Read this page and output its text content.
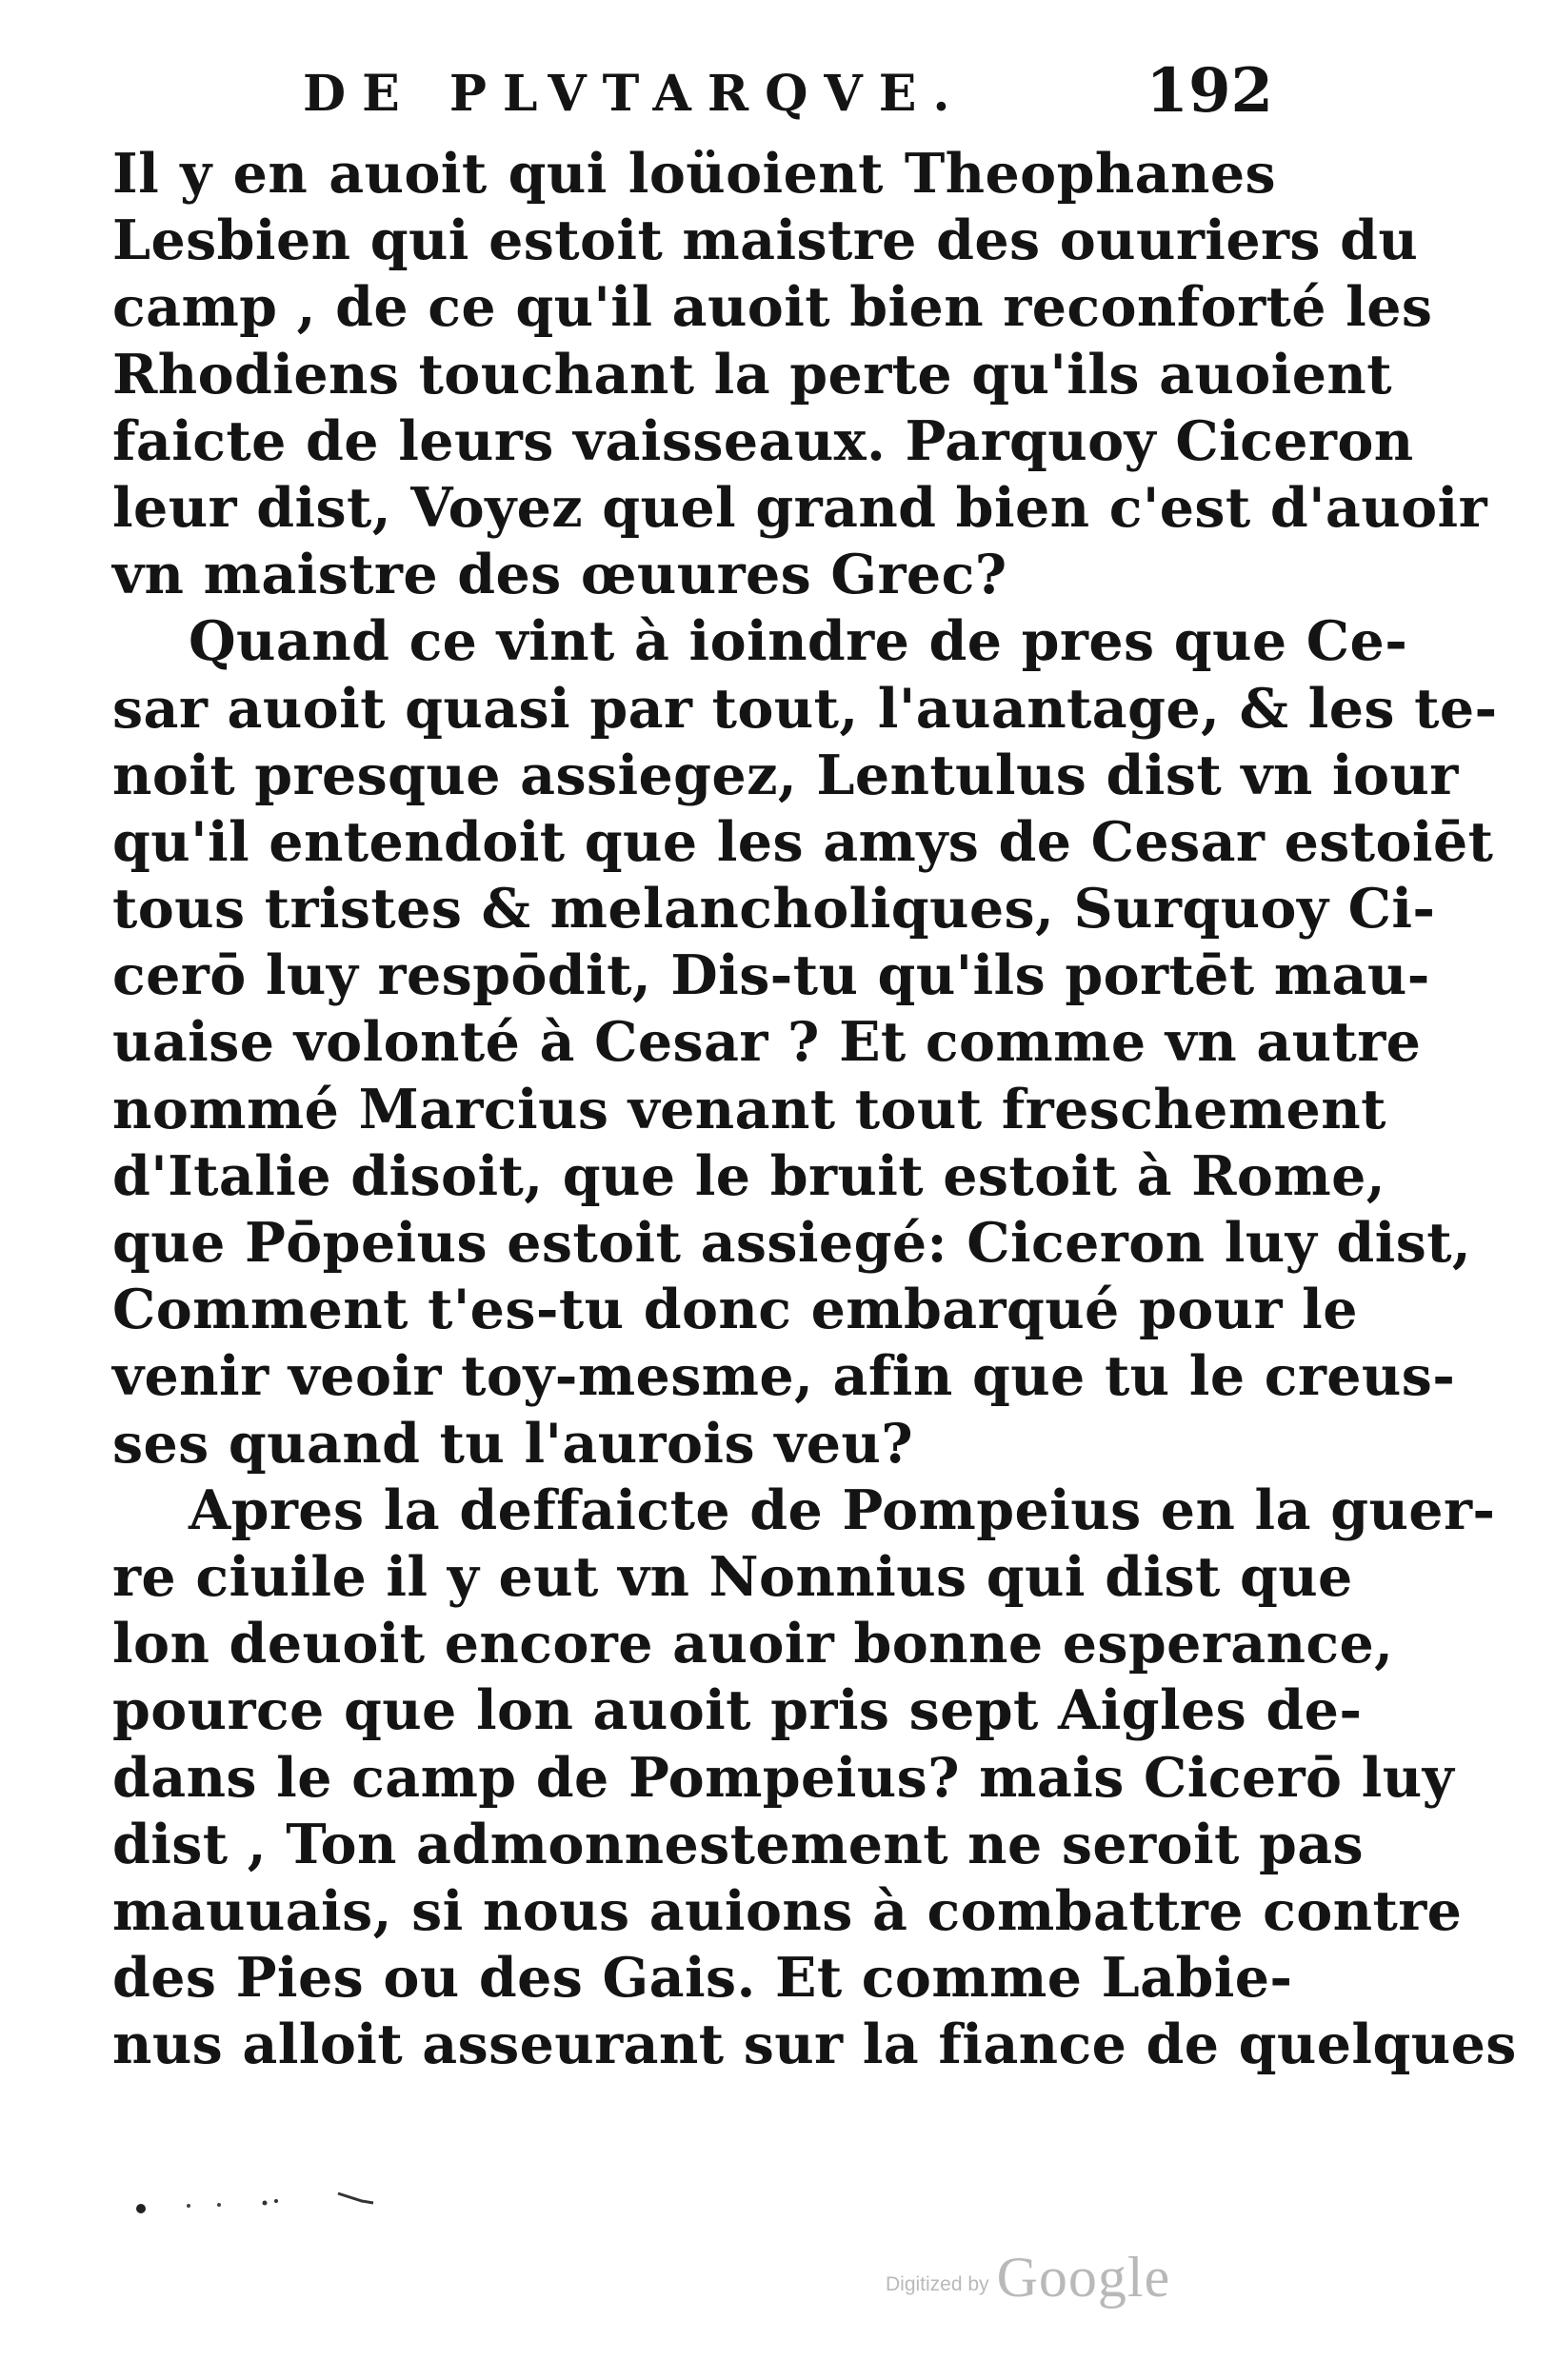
DE PLVTARQVE.	192
Il y en auoit qui loüoient Theophanes
Lesbien qui estoit maistre des ouuriers du
camp , de ce qu'il auoit bien reconforté les
Rhodiens touchant la perte qu'ils auoient
faicte de leurs vaisseaux. Parquoy Ciceron
leur dist, Voyez quel grand bien c'est d'auoir
vn maistre des œuures Grec?
Quand ce vint à ioindre de pres que Ce-
sar auoit quasi par tout, l'auantage, & les te-
noit presque assiegez, Lentulus dist vn iour
qu'il entendoit que les amys de Cesar estoiēt
tous tristes & melancholiques, Surquoy Ci-
cerō luy respōdit, Dis-tu qu'ils portēt mau-
uaise volonté à Cesar ? Et comme vn autre
nommé Marcius venant tout freschement
d'Italie disoit, que le bruit estoit à Rome,
que Pōpeius estoit assiegé: Ciceron luy dist,
Comment t'es-tu donc embarqué pour le
venir veoir toy-mesme, afin que tu le creus-
ses quand tu l'aurois veu?
Apres la deffaicte de Pompeius en la guer-
re ciuile il y eut vn Nonnius qui dist que
lon deuoit encore auoir bonne esperance,
pource que lon auoit pris sept Aigles de-
dans le camp de Pompeius? mais Cicerō luy
dist , Ton admonnestement ne seroit pas
mauuais, si nous auions à combattre contre
des Pies ou des Gais. Et comme Labie-
nus alloit asseurant sur la fiance de quelques
Digitized by Google
